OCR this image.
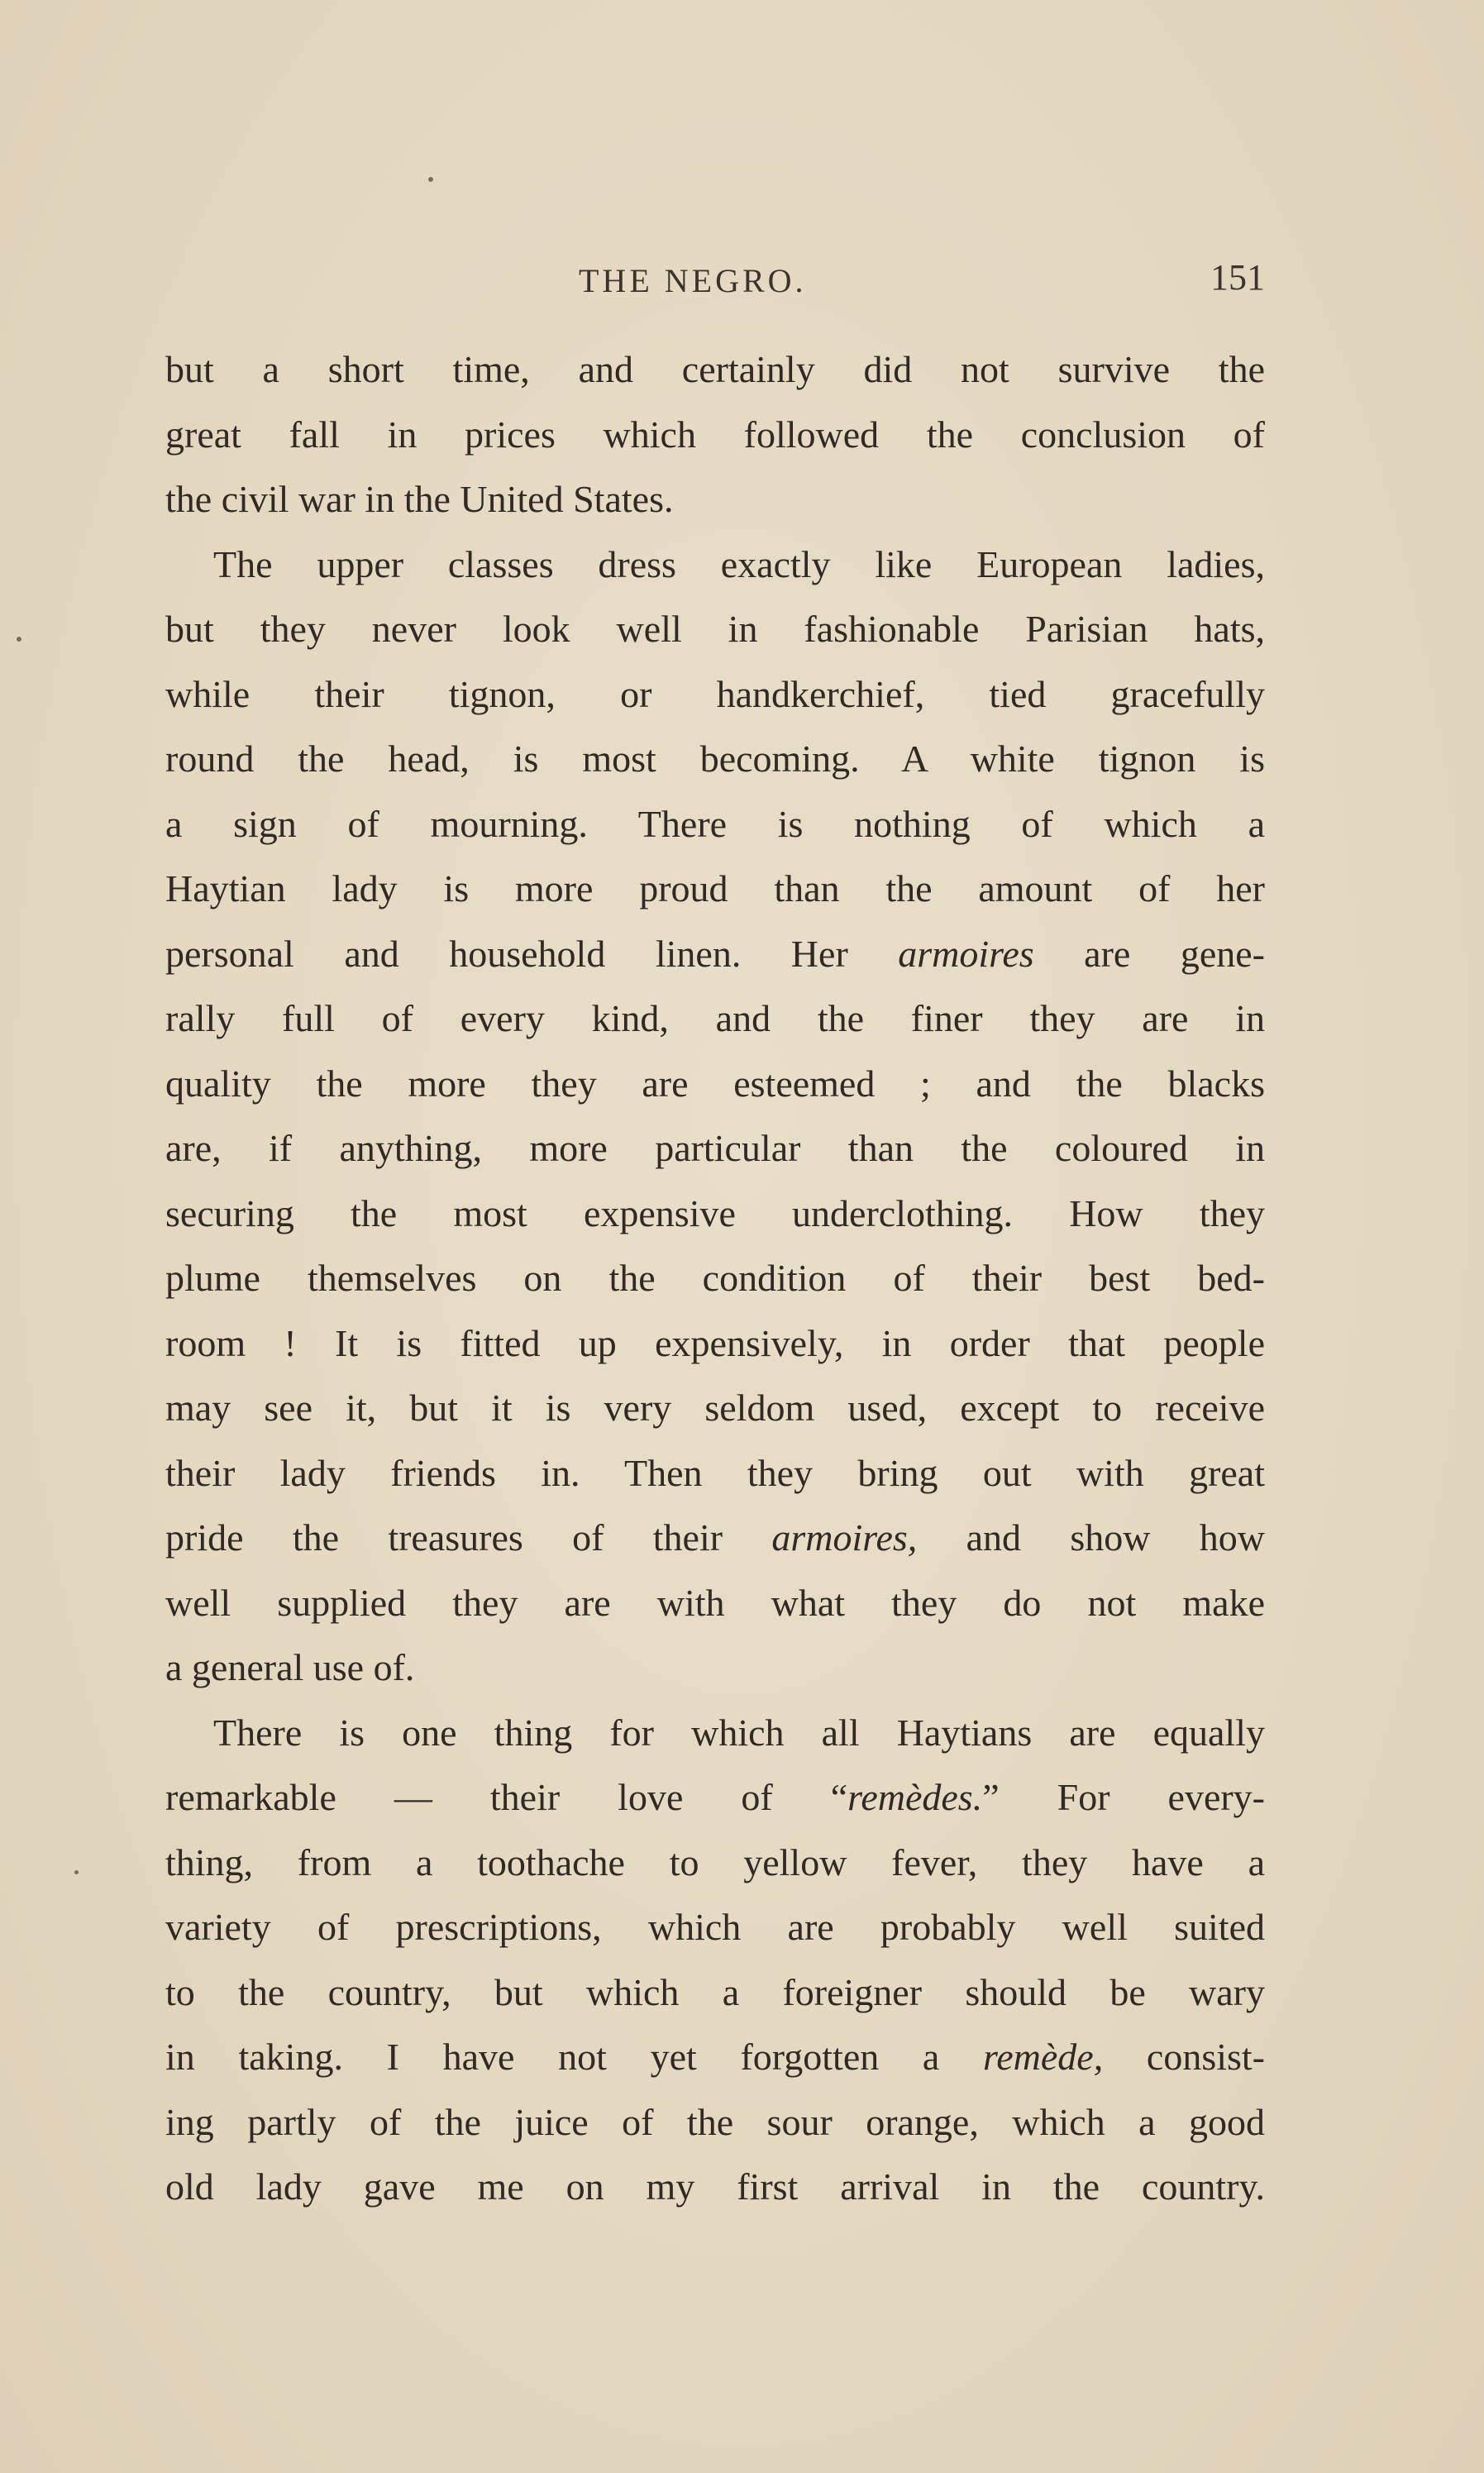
THE NEGRO.	151
but a short time, and certainly did not survive the
great fall in prices which followed the conclusion of
the civil war in the United States.
The upper classes dress exactly like European ladies,
but they never look well in fashionable Parisian hats,
while their tignon, or handkerchief, tied gracefully
round the head, is most becoming. A white tignon is
a sign of mourning. There is nothing of which a
Haytian lady is more proud than the amount of her
personal and household linen. Her armoires are gene-
rally full of every kind, and the finer they are in
quality the more they are esteemed ; and the blacks
are, if anything, more particular than the coloured in
securing the most expensive underclothing. How they
plume themselves on the condition of their best bed-
room ! It is fitted up expensively, in order that people
may see it, but it is very seldom used, except to receive
their lady friends in. Then they bring out with great
pride the treasures of their armoires, and show how
well supplied they are with what they do not make
a general use of.
There is one thing for which all Haytians are equally
remarkable — their love of “remèdes.” For every-
thing, from a toothache to yellow fever, they have a
variety of prescriptions, which are probably well suited
to the country, but which a foreigner should be wary
in taking. I have not yet forgotten a remède, consist-
ing partly of the juice of the sour orange, which a good
old lady gave me on my first arrival in the country.
